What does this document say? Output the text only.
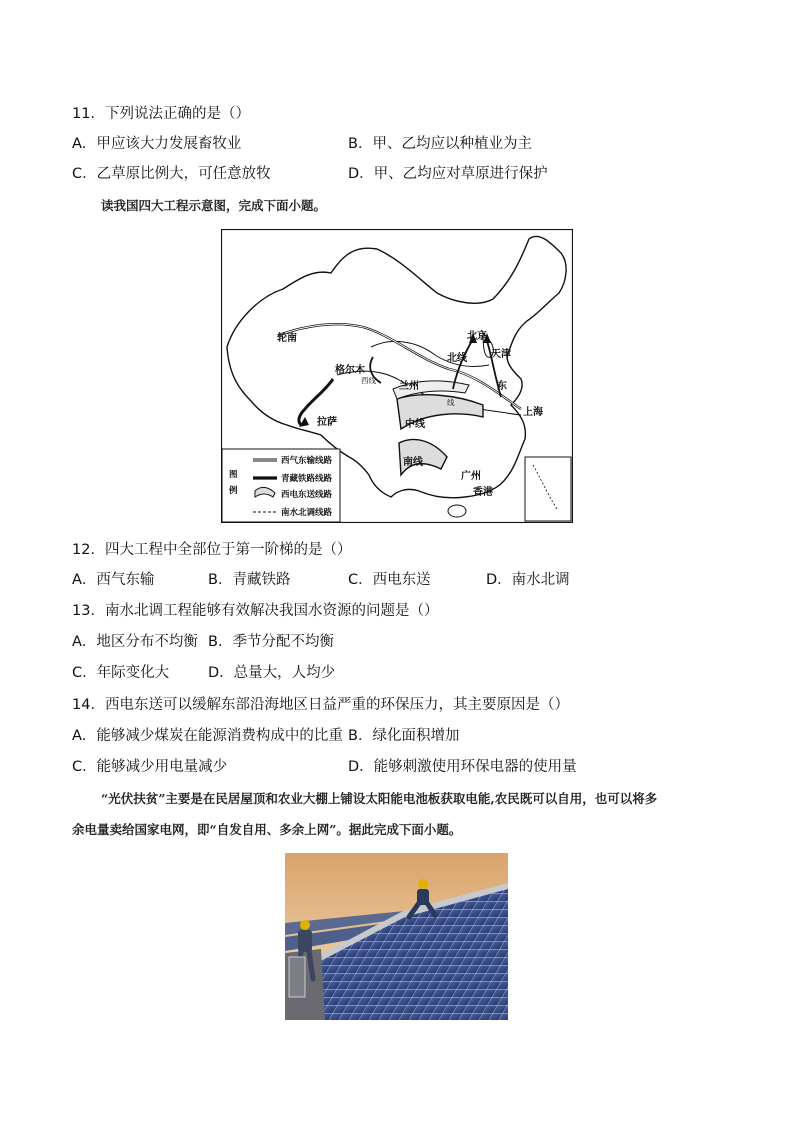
11．下列说法正确的是（）
A．甲应该大力发展畜牧业	B．甲、乙均应以种植业为主
C．乙草原比例大，可任意放牧	D．甲、乙均应对草原进行保护
读我国四大工程示意图，完成下面小题。
轮南	北京
天津
北线
格尔木
西线
兰州	东
线
上海
拉萨	中线
南线
广州
香港
图
例
西气东输线路
青藏铁路线路
西电东送线路
南水北调线路
12．四大工程中全部位于第一阶梯的是（）
A．西气东输	B．青藏铁路	C．西电东送	D．南水北调
13．南水北调工程能够有效解决我国水资源的问题是（）
A．地区分布不均衡 B．季节分配不均衡
C．年际变化大	D．总量大，人均少
14．西电东送可以缓解东部沿海地区日益严重的环保压力，其主要原因是（）
A．能够减少煤炭在能源消费构成中的比重 B．绿化面积增加
C．能够减少用电量减少	D．能够刺激使用环保电器的使用量
“光伏扶贫”主要是在民居屋顶和农业大棚上铺设太阳能电池板获取电能,农民既可以自用，也可以将多
余电量卖给国家电网，即“自发自用、多余上网”。据此完成下面小题。
